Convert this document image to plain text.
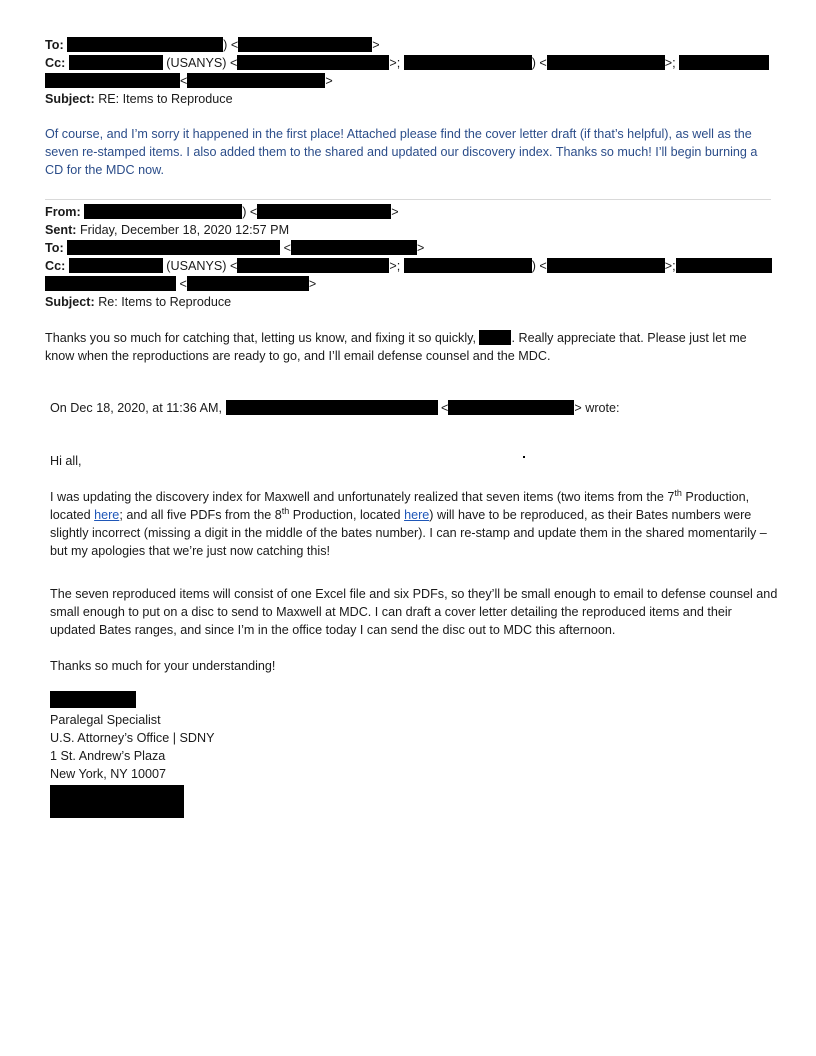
To:	) <	>
Cc:	(USANYS) <	>;	) <	>;
<	>
Subject: RE: Items to Reproduce
Of course, and I’m sorry it happened in the first place! Attached please find the cover letter draft (if that’s helpful), as well as the seven re-stamped items. I also added them to the shared and updated our discovery index. Thanks so much! I’ll begin burning a CD for the MDC now.
From:	) <	>
Sent: Friday, December 18, 2020 12:57 PM
To:	<	>
Cc:	(USANYS) <	>;	) <	>;
<	>
Subject: Re: Items to Reproduce
Thanks you so much for catching that, letting us know, and fixing it so quickly,	. Really appreciate that. Please just let me know when the reproductions are ready to go, and I’ll email defense counsel and the MDC.
On Dec 18, 2020, at 11:36 AM,	<	> wrote:
Hi all,
I was updating the discovery index for Maxwell and unfortunately realized that seven items (two items from the 7th Production, located here; and all five PDFs from the 8th Production, located here) will have to be reproduced, as their Bates numbers were slightly incorrect (missing a digit in the middle of the bates number). I can re-stamp and update them in the shared momentarily – but my apologies that we’re just now catching this!
The seven reproduced items will consist of one Excel file and six PDFs, so they’ll be small enough to email to defense counsel and small enough to put on a disc to send to Maxwell at MDC. I can draft a cover letter detailing the reproduced items and their updated Bates ranges, and since I’m in the office today I can send the disc out to MDC this afternoon.
Thanks so much for your understanding!
Paralegal Specialist
U.S. Attorney’s Office | SDNY
1 St. Andrew’s Plaza
New York, NY 10007
